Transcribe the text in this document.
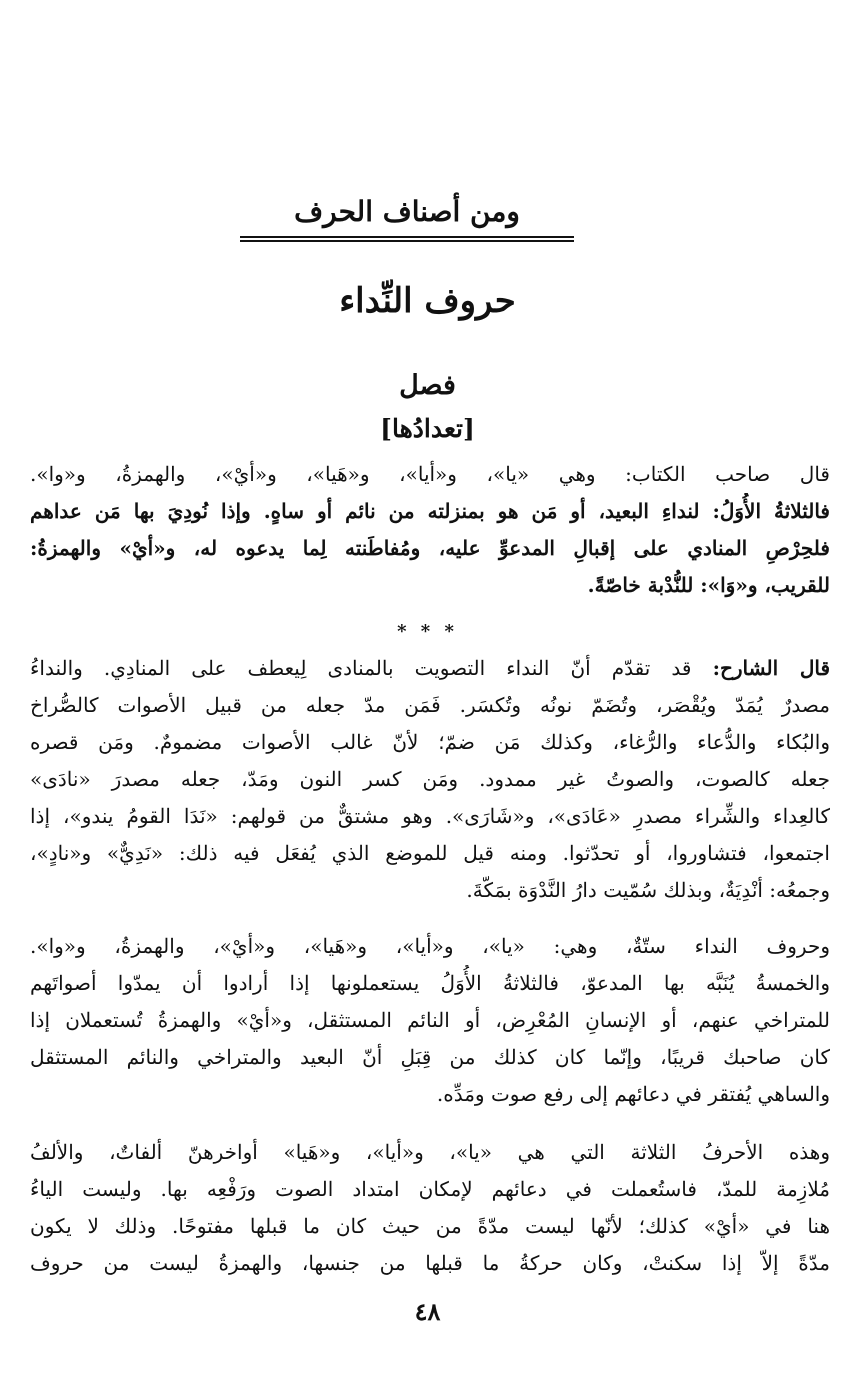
ومن أصناف الحرف
حروف النِّداء
فصل
[تعدادُها]
قال صاحب الكتاب: وهي «يا»، و«أيا»، و«هَيا»، و«أيْ»، والهمزةُ، و«وا».
فالثلاثةُ الأُوَلُ: لنداءِ البعيد، أو مَن هو بمنزلته من نائم أو ساهٍ. وإذا نُودِيَ بها مَن عداهم
فلحِرْصِ المنادي على إقبالِ المدعوِّ عليه، ومُفاطَنته لِما يدعوه له، و«أيْ» والهمزةُ:
للقريب، و«وَا»: للنُّدْبة خاصّةً.
* * *
قال الشارح: قد تقدّم أنّ النداء التصويت بالمنادى لِيعطف على المنادِي. والنداءُ
مصدرٌ يُمَدّ ويُقْصَر، وتُضَمّ نونُه وتُكسَر. فَمَن مدّ جعله من قبيل الأصوات كالصُّراخ
والبُكاء والدُّعاء والرُّغاء، وكذلك مَن ضمّ؛ لأنّ غالب الأصوات مضمومٌ. ومَن قصره
جعله كالصوت، والصوتُ غير ممدود. ومَن كسر النون ومَدّ، جعله مصدرَ «نادَى»
كالعِداء والشِّراء مصدرِ «عَادَى»، و«شَارَى». وهو مشتقٌّ من قولهم: «نَدَا القومُ يندو»، إذا
اجتمعوا، فتشاوروا، أو تحدّثوا. ومنه قيل للموضع الذي يُفعَل فيه ذلك: «نَدِيٌّ» و«نادٍ»،
وجمعُه: أنْدِيَةٌ، وبذلك سُمّيت دارُ النَّدْوَة بمَكّةَ.
وحروف النداء ستّةٌ، وهي: «يا»، و«أيا»، و«هَيا»، و«أيْ»، والهمزةُ، و«وا».
والخمسةُ يُنَبَّه بها المدعوّ، فالثلاثةُ الأُوَلُ يستعملونها إذا أرادوا أن يمدّوا أصواتَهم
للمتراخي عنهم، أو الإنسانِ المُعْرِض، أو النائم المستثقل، و«أيْ» والهمزةُ تُستعملان إذا
كان صاحبك قريبًا، وإنّما كان كذلك من قِبَلِ أنّ البعيد والمتراخي والنائم المستثقل
والساهي يُفتقر في دعائهم إلى رفع صوت ومَدِّه.
وهذه الأحرفُ الثلاثة التي هي «يا»، و«أيا»، و«هَيا» أواخرهنّ ألفاتٌ، والألفُ
مُلازِمة للمدّ، فاستُعملت في دعائهم لإمكان امتداد الصوت ورَفْعِه بها. وليست الياءُ
هنا في «أيْ» كذلك؛ لأنّها ليست مدّةً من حيث كان ما قبلها مفتوحًا. وذلك لا يكون
مدّةً إلاّ إذا سكنتْ، وكان حركةُ ما قبلها من جنسها، والهمزةُ ليست من حروف
٤٨
